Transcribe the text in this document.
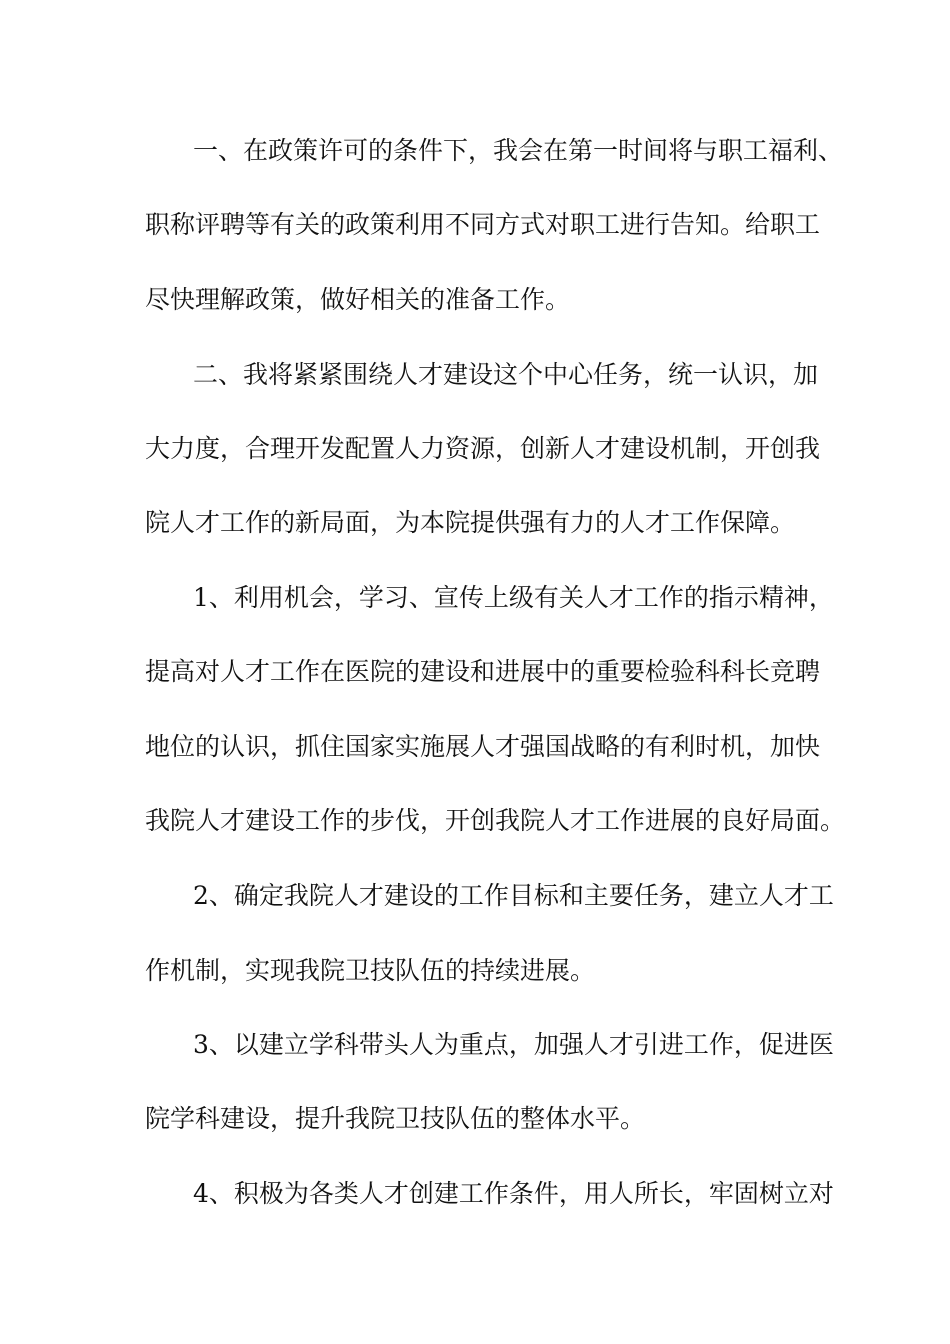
一、在政策许可的条件下，我会在第一时间将与职工福利、
职称评聘等有关的政策利用不同方式对职工进行告知。给职工
尽快理解政策，做好相关的准备工作。
二、我将紧紧围绕人才建设这个中心任务，统一认识，加
大力度，合理开发配置人力资源，创新人才建设机制，开创我
院人才工作的新局面，为本院提供强有力的人才工作保障。
1、利用机会，学习、宣传上级有关人才工作的指示精神，
提高对人才工作在医院的建设和进展中的重要检验科科长竞聘
地位的认识，抓住国家实施展人才强国战略的有利时机，加快
我院人才建设工作的步伐，开创我院人才工作进展的良好局面。
2、确定我院人才建设的工作目标和主要任务，建立人才工
作机制，实现我院卫技队伍的持续进展。
3、以建立学科带头人为重点，加强人才引进工作，促进医
院学科建设，提升我院卫技队伍的整体水平。
4、积极为各类人才创建工作条件，用人所长，牢固树立对
